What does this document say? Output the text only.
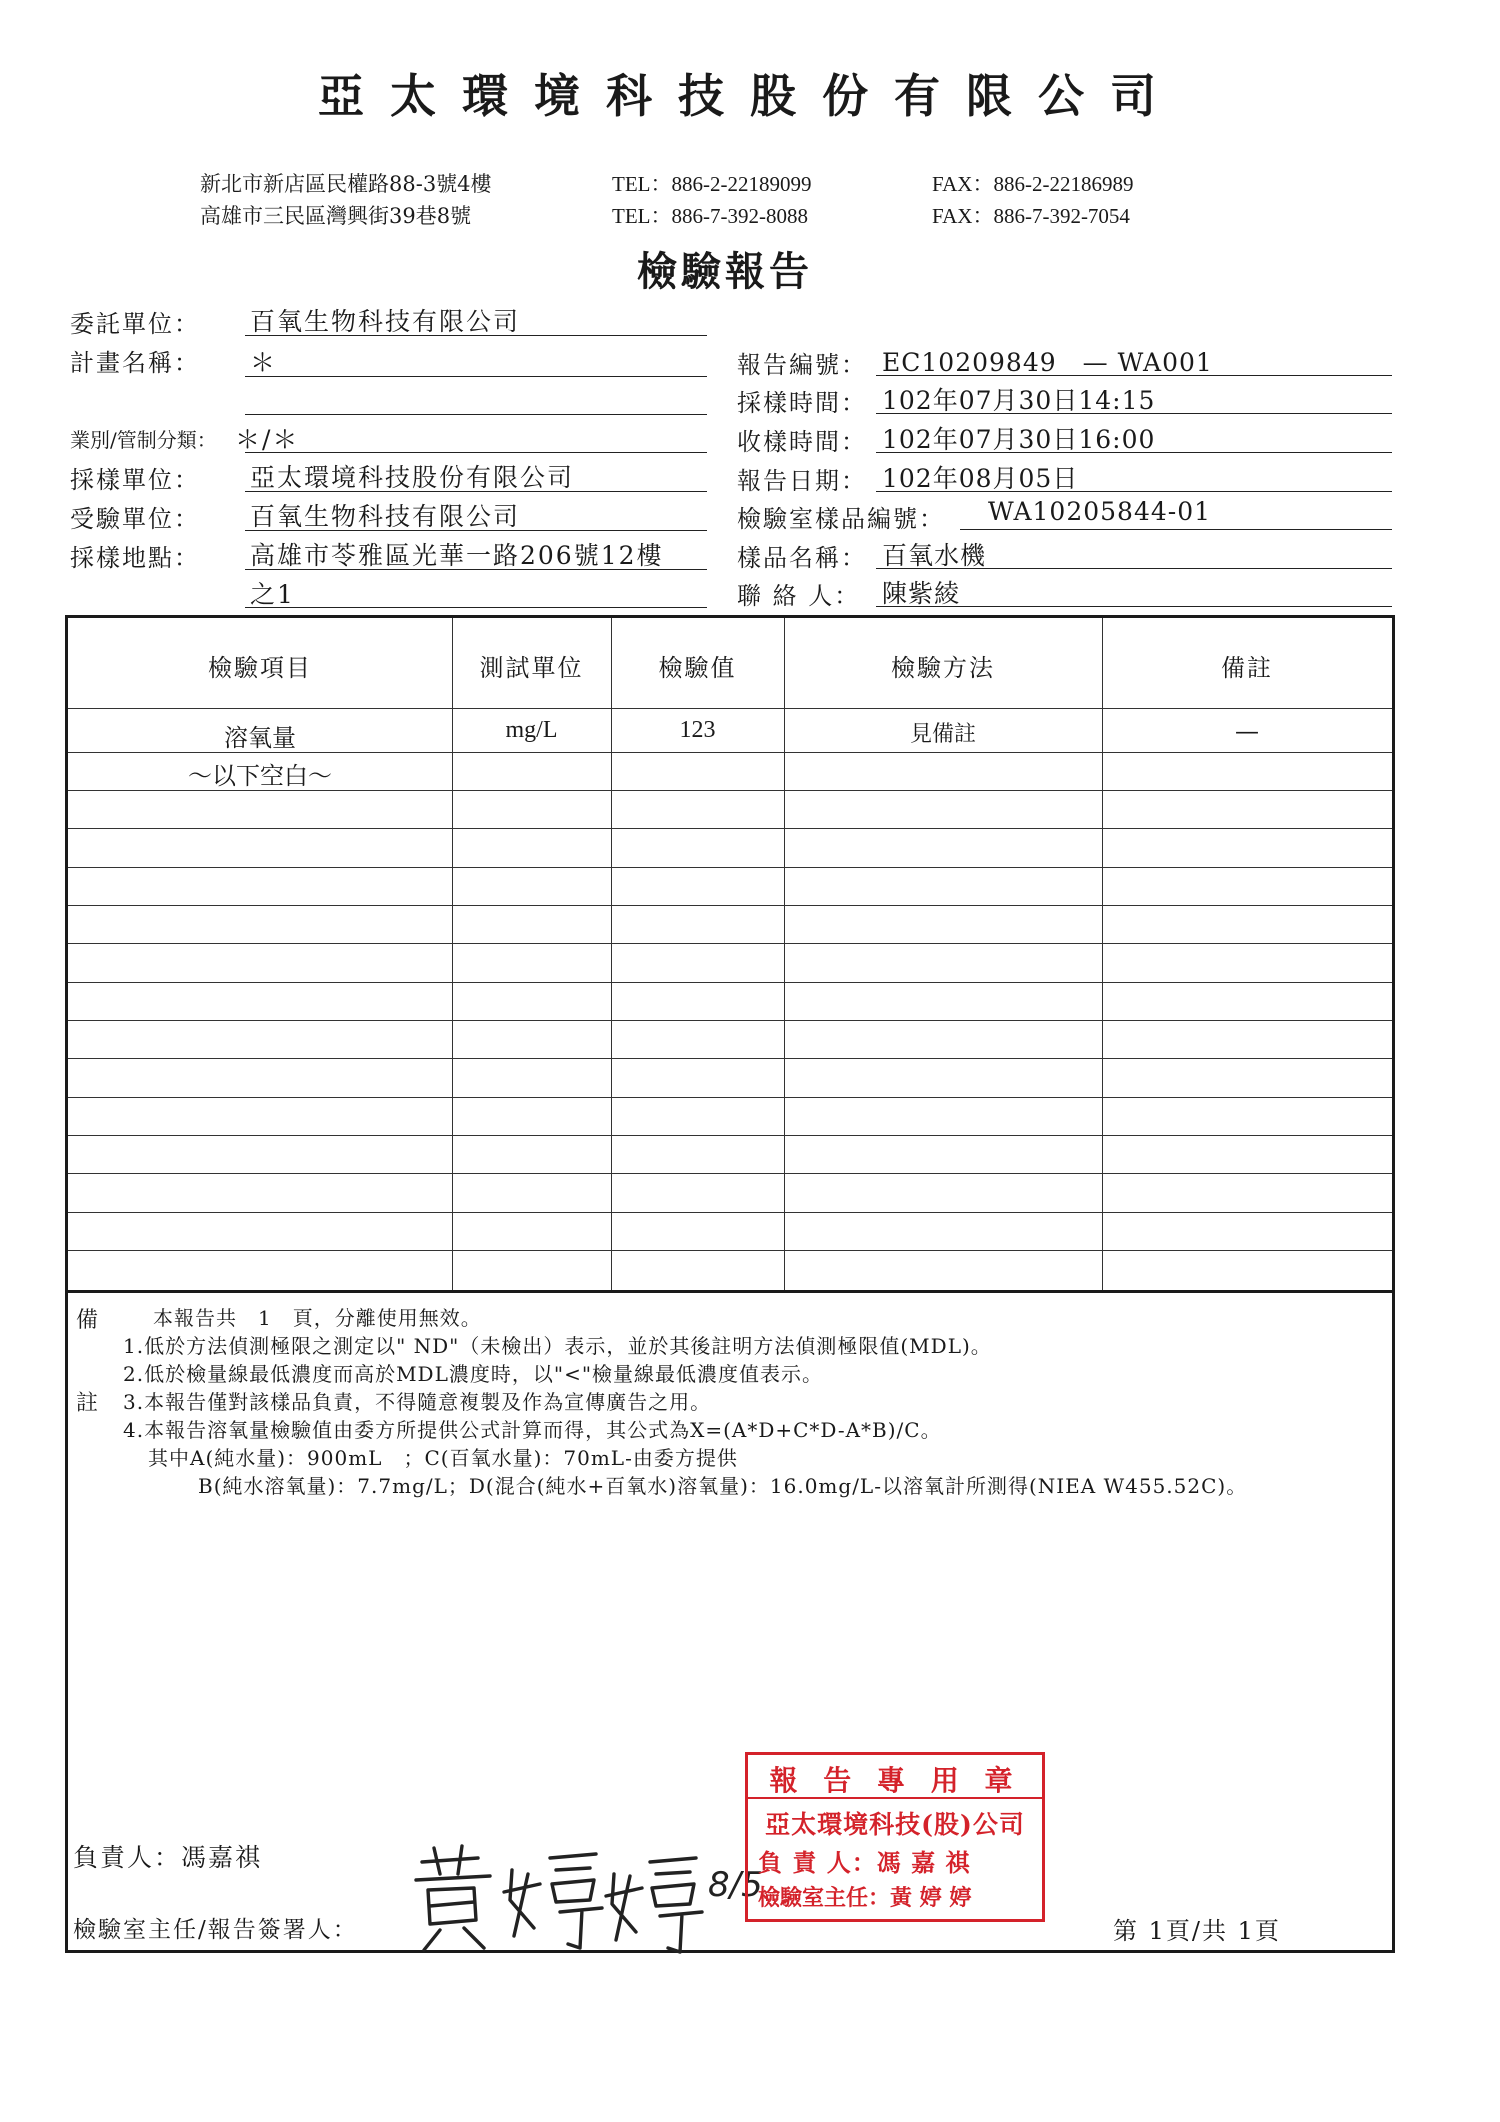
亞太環境科技股份有限公司
新北市新店區民權路88-3號4樓
高雄市三民區灣興街39巷8號
TEL：886-2-22189099
TEL：886-7-392-8088
FAX：886-2-22186989
FAX：886-7-392-7054
檢驗報告
委託單位： 百氧生物科技有限公司
計畫名稱： ＊
業別/管制分類： ＊/＊
採樣單位： 亞太環境科技股份有限公司
受驗單位： 百氧生物科技有限公司
採樣地點： 高雄市苓雅區光華一路206號12樓
之1
報告編號： EC10209849　— WA001
採樣時間： 102年07月30日14:15
收樣時間： 102年07月30日16:00
報告日期： 102年08月05日
檢驗室樣品編號： WA10205844-01
樣品名稱： 百氧水機
聯 絡 人： 陳紫綾
檢驗項目	測試單位	檢驗值	檢驗方法	備註
溶氧量	mg/L	123	見備註	—
～以下空白～
備
註
本報告共　1　頁，分離使用無效。
1.低於方法偵測極限之測定以" ND"（未檢出）表示，並於其後註明方法偵測極限值(MDL)。
2.低於檢量線最低濃度而高於MDL濃度時，以"<"檢量線最低濃度值表示。
3.本報告僅對該樣品負責，不得隨意複製及作為宣傳廣告之用。
4.本報告溶氧量檢驗值由委方所提供公式計算而得，其公式為X=(A*D+C*D-A*B)/C。
其中A(純水量)：900mL　；C(百氧水量)：70mL-由委方提供
B(純水溶氧量)：7.7mg/L；D(混合(純水+百氧水)溶氧量)：16.0mg/L-以溶氧計所測得(NIEA W455.52C)。
負責人：馮嘉祺
檢驗室主任/報告簽署人：	第 1頁/共 1頁
8/5
報 告 專 用 章
亞太環境科技(股)公司
負 責 人：馮 嘉 祺
檢驗室主任：黃 婷 婷
